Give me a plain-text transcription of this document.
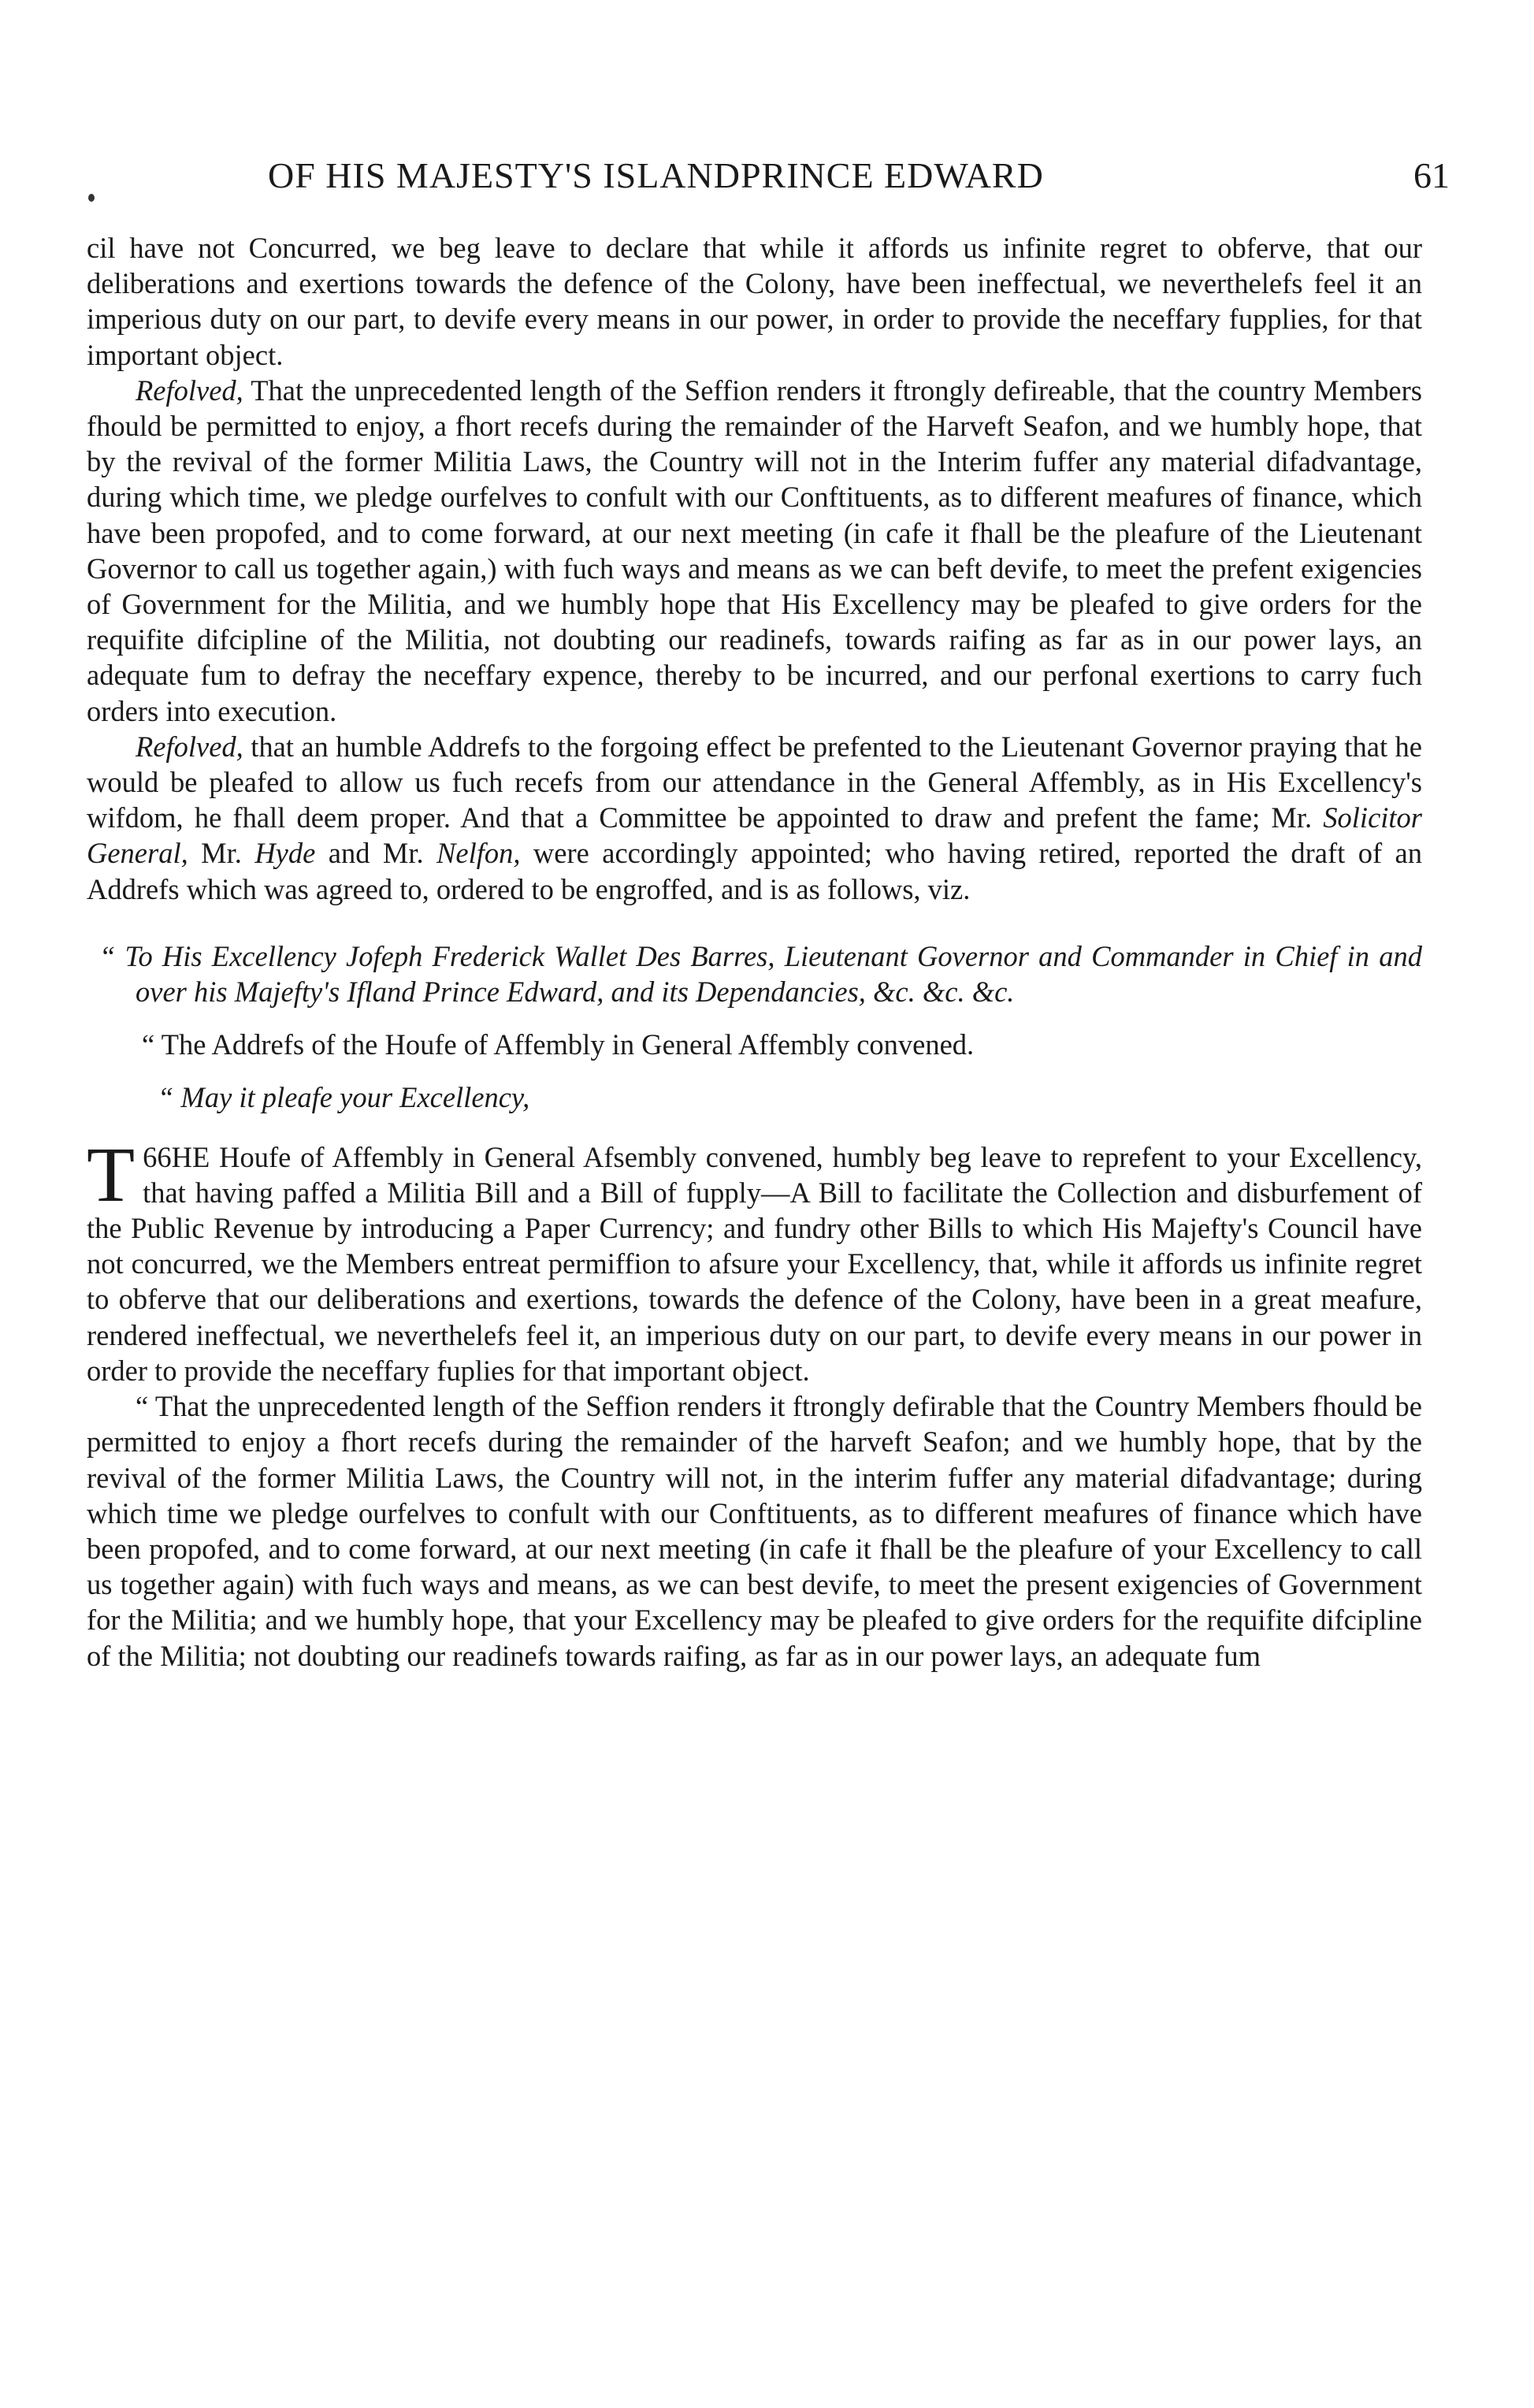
OF HIS MAJESTY'S ISLANDPRINCE EDWARD	61

cil have not Concurred, we beg leave to declare that while it affords us infinite regret to obferve, that our deliberations and exertions towards the defence of the Colony, have been ineffectual, we neverthelefs feel it an imperious duty on our part, to devife every means in our power, in order to provide the neceffary fupplies, for that important object.

Refolved, That the unprecedented length of the Seffion renders it ftrongly defireable, that the country Members fhould be permitted to enjoy, a fhort recefs during the remainder of the Harveft Seafon, and we humbly hope, that by the revival of the former Militia Laws, the Country will not in the Interim fuffer any material difadvantage, during which time, we pledge ourfelves to confult with our Conftituents, as to different meafures of finance, which have been propofed, and to come forward, at our next meeting (in cafe it fhall be the pleafure of the Lieutenant Governor to call us together again,) with fuch ways and means as we can beft devife, to meet the prefent exigencies of Government for the Militia, and we humbly hope that His Excellency may be pleafed to give orders for the requifite difcipline of the Militia, not doubting our readinefs, towards raifing as far as in our power lays, an adequate fum to defray the neceffary expence, thereby to be incurred, and our perfonal exertions to carry fuch orders into execution.

Refolved, that an humble Addrefs to the forgoing effect be prefented to the Lieutenant Governor praying that he would be pleafed to allow us fuch recefs from our attendance in the General Affembly, as in His Excellency's wifdom, he fhall deem proper. And that a Committee be appointed to draw and prefent the fame; Mr. Solicitor General, Mr. Hyde and Mr. Nelfon, were accordingly appointed; who having retired, reported the draft of an Addrefs which was agreed to, ordered to be engroffed, and is as follows, viz.

“ To His Excellency Jofeph Frederick Wallet Des Barres, Lieutenant Governor and Commander in Chief in and over his Majefty's Ifland Prince Edward, and its Dependancies, &c. &c. &c.

“ The Addrefs of the Houfe of Affembly in General Affembly convened.

“ May it pleafe your Excellency,

66
T HE Houfe of Affembly in General Afsembly convened, humbly beg leave to reprefent to your Excellency, that having paffed a Militia Bill and a Bill of fupply—A Bill to facilitate the Collection and disburfement of the Public Revenue by introducing a Paper Currency; and fundry other Bills to which His Majefty's Council have not concurred, we the Members entreat permiffion to afsure your Excellency, that, while it affords us infinite regret to obferve that our deliberations and exertions, towards the defence of the Colony, have been in a great meafure, rendered ineffectual, we neverthelefs feel it, an imperious duty on our part, to devife every means in our power in order to provide the neceffary fuplies for that important object.

“ That the unprecedented length of the Seffion renders it ftrongly defirable that the Country Members fhould be permitted to enjoy a fhort recefs during the remainder of the harveft Seafon; and we humbly hope, that by the revival of the former Militia Laws, the Country will not, in the interim fuffer any material difadvantage; during which time we pledge ourfelves to confult with our Conftituents, as to different meafures of finance which have been propofed, and to come forward, at our next meeting (in cafe it fhall be the pleafure of your Excellency to call us together again) with fuch ways and means, as we can best devife, to meet the present exigencies of Government for the Militia; and we humbly hope, that your Excellency may be pleafed to give orders for the requifite difcipline of the Militia; not doubting our readinefs towards raifing, as far as in our power lays, an adequate fum
